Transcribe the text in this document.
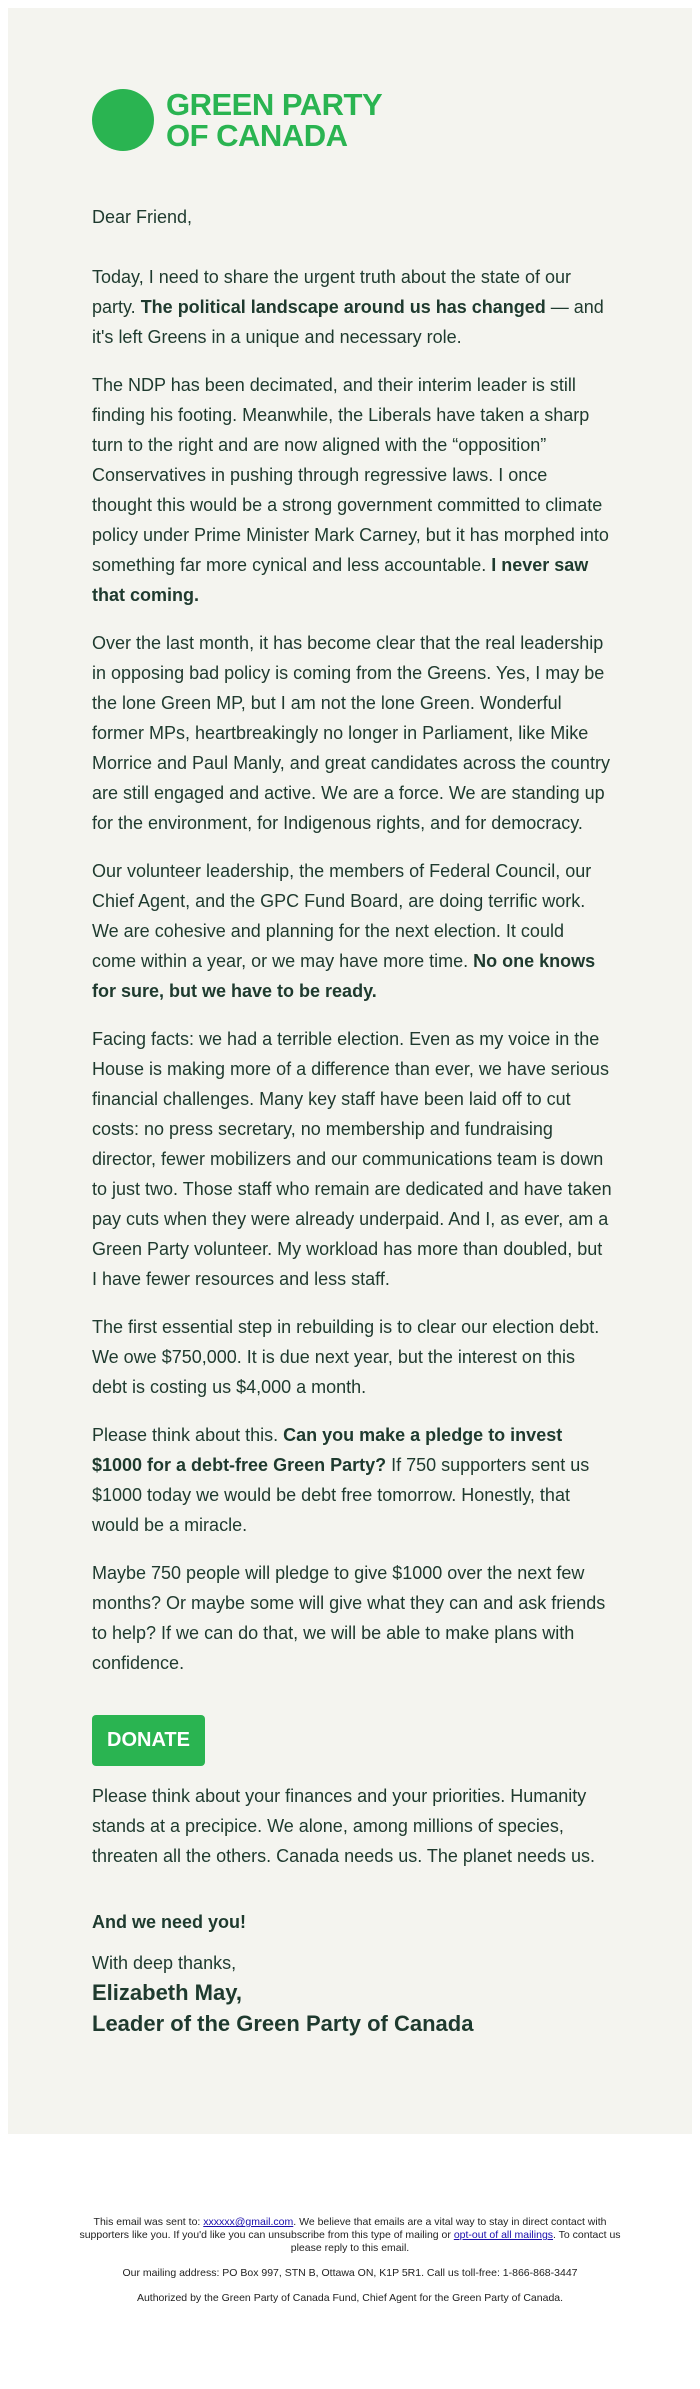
GREEN PARTY
OF CANADA
Dear Friend,

Today, I need to share the urgent truth about the state of our party. The political landscape around us has changed — and it's left Greens in a unique and necessary role.

The NDP has been decimated, and their interim leader is still finding his footing. Meanwhile, the Liberals have taken a sharp turn to the right and are now aligned with the “opposition” Conservatives in pushing through regressive laws. I once thought this would be a strong government committed to climate policy under Prime Minister Mark Carney, but it has morphed into something far more cynical and less accountable. I never saw that coming.

Over the last month, it has become clear that the real leadership in opposing bad policy is coming from the Greens. Yes, I may be the lone Green MP, but I am not the lone Green. Wonderful former MPs, heartbreakingly no longer in Parliament, like Mike Morrice and Paul Manly, and great candidates across the country are still engaged and active. We are a force. We are standing up for the environment, for Indigenous rights, and for democracy.

Our volunteer leadership, the members of Federal Council, our Chief Agent, and the GPC Fund Board, are doing terrific work. We are cohesive and planning for the next election. It could come within a year, or we may have more time. No one knows for sure, but we have to be ready.

Facing facts: we had a terrible election. Even as my voice in the House is making more of a difference than ever, we have serious financial challenges. Many key staff have been laid off to cut costs: no press secretary, no membership and fundraising director, fewer mobilizers and our communications team is down to just two. Those staff who remain are dedicated and have taken pay cuts when they were already underpaid. And I, as ever, am a Green Party volunteer. My workload has more than doubled, but I have fewer resources and less staff.

The first essential step in rebuilding is to clear our election debt. We owe $750,000. It is due next year, but the interest on this debt is costing us $4,000 a month.

Please think about this. Can you make a pledge to invest $1000 for a debt-free Green Party? If 750 supporters sent us $1000 today we would be debt free tomorrow. Honestly, that would be a miracle.

Maybe 750 people will pledge to give $1000 over the next few months? Or maybe some will give what they can and ask friends to help? If we can do that, we will be able to make plans with confidence.

DONATE

Please think about your finances and your priorities. Humanity stands at a precipice. We alone, among millions of species, threaten all the others. Canada needs us. The planet needs us.

And we need you!
With deep thanks,
Elizabeth May,
Leader of the Green Party of Canada

This email was sent to: xxxxxx@gmail.com. We believe that emails are a vital way to stay in direct contact with supporters like you. If you'd like you can unsubscribe from this type of mailing or opt-out of all mailings. To contact us please reply to this email.

Our mailing address: PO Box 997, STN B, Ottawa ON, K1P 5R1. Call us toll-free: 1-866-868-3447

Authorized by the Green Party of Canada Fund, Chief Agent for the Green Party of Canada.
